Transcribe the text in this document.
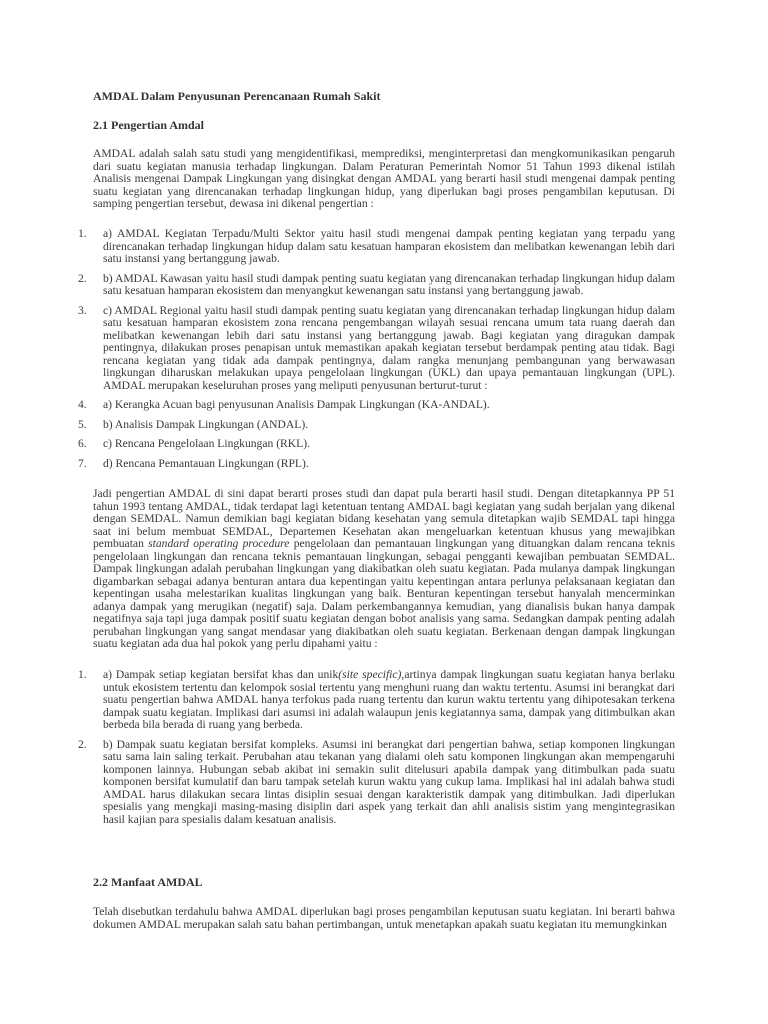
AMDAL Dalam Penyusunan Perencanaan Rumah Sakit
2.1 Pengertian Amdal
AMDAL adalah salah satu studi yang mengidentifikasi, memprediksi, menginterpretasi dan mengkomunikasikan pengaruh dari suatu kegiatan manusia terhadap lingkungan. Dalam Peraturan Pemerintah Nomor 51 Tahun 1993 dikenal istilah Analisis mengenai Dampak Lingkungan yang disingkat dengan AMDAL yang berarti hasil studi mengenai dampak penting suatu kegiatan yang direncanakan terhadap lingkungan hidup, yang diperlukan bagi proses pengambilan keputusan. Di samping pengertian tersebut, dewasa ini dikenal pengertian :
1. a) AMDAL Kegiatan Terpadu/Multi Sektor yaitu hasil studi mengenai dampak penting kegiatan yang terpadu yang direncanakan terhadap lingkungan hidup dalam satu kesatuan hamparan ekosistem dan melibatkan kewenangan lebih dari satu instansi yang bertanggung jawab.
2. b) AMDAL Kawasan yaitu hasil studi dampak penting suatu kegiatan yang direncanakan terhadap lingkungan hidup dalam satu kesatuan hamparan ekosistem dan menyangkut kewenangan satu instansi yang bertanggung jawab.
3. c) AMDAL Regional yaitu hasil studi dampak penting suatu kegiatan yang direncanakan terhadap lingkungan hidup dalam satu kesatuan hamparan ekosistem zona rencana pengembangan wilayah sesuai rencana umum tata ruang daerah dan melibatkan kewenangan lebih dari satu instansi yang bertanggung jawab. Bagi kegiatan yang diragukan dampak pentingnya, dilakukan proses penapisan untuk memastikan apakah kegiatan tersebut berdampak penting atau tidak. Bagi rencana kegiatan yang tidak ada dampak pentingnya, dalam rangka menunjang pembangunan yang berwawasan lingkungan diharuskan melakukan upaya pengelolaan lingkungan (UKL) dan upaya pemantauan lingkungan (UPL). AMDAL merupakan keseluruhan proses yang meliputi penyusunan berturut-turut :
4. a) Kerangka Acuan bagi penyusunan Analisis Dampak Lingkungan (KA-ANDAL).
5. b) Analisis Dampak Lingkungan (ANDAL).
6. c) Rencana Pengelolaan Lingkungan (RKL).
7. d) Rencana Pemantauan Lingkungan (RPL).
Jadi pengertian AMDAL di sini dapat berarti proses studi dan dapat pula berarti hasil studi. Dengan ditetapkannya PP 51 tahun 1993 tentang AMDAL, tidak terdapat lagi ketentuan tentang AMDAL bagi kegiatan yang sudah berjalan yang dikenal dengan SEMDAL. Namun demikian bagi kegiatan bidang kesehatan yang semula ditetapkan wajib SEMDAL tapi hingga saat ini belum membuat SEMDAL, Departemen Kesehatan akan mengeluarkan ketentuan khusus yang mewajibkan pembuatan standard operating procedure pengelolaan dan pemantauan lingkungan yang dituangkan dalam rencana teknis pengelolaan lingkungan dan rencana teknis pemantauan lingkungan, sebagai pengganti kewajiban pembuatan SEMDAL. Dampak lingkungan adalah perubahan lingkungan yang diakibatkan oleh suatu kegiatan. Pada mulanya dampak lingkungan digambarkan sebagai adanya benturan antara dua kepentingan yaitu kepentingan antara perlunya pelaksanaan kegiatan dan kepentingan usaha melestarikan kualitas lingkungan yang baik. Benturan kepentingan tersebut hanyalah mencerminkan adanya dampak yang merugikan (negatif) saja. Dalam perkembangannya kemudian, yang dianalisis bukan hanya dampak negatifnya saja tapi juga dampak positif suatu kegiatan dengan bobot analisis yang sama. Sedangkan dampak penting adalah perubahan lingkungan yang sangat mendasar yang diakibatkan oleh suatu kegiatan. Berkenaan dengan dampak lingkungan suatu kegiatan ada dua hal pokok yang perlu dipahami yaitu :
1. a) Dampak setiap kegiatan bersifat khas dan unik(site specific),artinya dampak lingkungan suatu kegiatan hanya berlaku untuk ekosistem tertentu dan kelompok sosial tertentu yang menghuni ruang dan waktu tertentu. Asumsi ini berangkat dari suatu pengertian bahwa AMDAL hanya terfokus pada ruang tertentu dan kurun waktu tertentu yang dihipotesakan terkena dampak suatu kegiatan. Implikasi dari asumsi ini adalah walaupun jenis kegiatannya sama, dampak yang ditimbulkan akan berbeda bila berada di ruang yang berbeda.
2. b) Dampak suatu kegiatan bersifat kompleks. Asumsi ini berangkat dari pengertian bahwa, setiap komponen lingkungan satu sama lain saling terkait. Perubahan atau tekanan yang dialami oleh satu komponen lingkungan akan mempengaruhi komponen lainnya. Hubungan sebab akibat ini semakin sulit ditelusuri apabila dampak yang ditimbulkan pada suatu komponen bersifat kumulatif dan baru tampak setelah kurun waktu yang cukup lama. Implikasi hal ini adalah bahwa studi AMDAL harus dilakukan secara lintas disiplin sesuai dengan karakteristik dampak yang ditimbulkan. Jadi diperlukan spesialis yang mengkaji masing-masing disiplin dari aspek yang terkait dan ahli analisis sistim yang mengintegrasikan hasil kajian para spesialis dalam kesatuan analisis.
2.2 Manfaat AMDAL
Telah disebutkan terdahulu bahwa AMDAL diperlukan bagi proses pengambilan keputusan suatu kegiatan. Ini berarti bahwa dokumen AMDAL merupakan salah satu bahan pertimbangan, untuk menetapkan apakah suatu kegiatan itu memungkinkan
